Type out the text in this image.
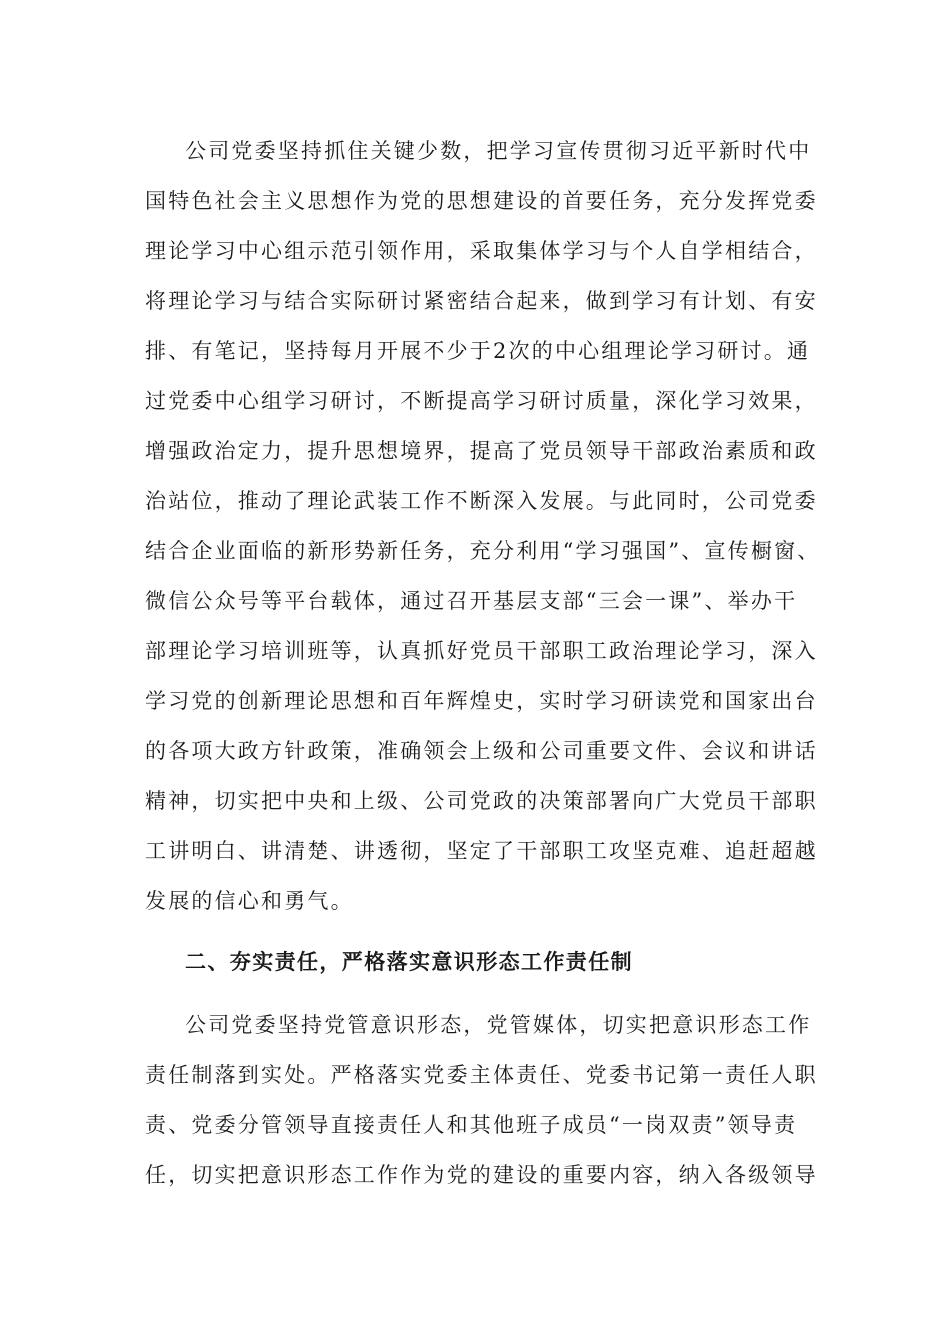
公司党委坚持抓住关键少数，把学习宣传贯彻习近平新时代中
国特色社会主义思想作为党的思想建设的首要任务，充分发挥党委
理论学习中心组示范引领作用，采取集体学习与个人自学相结合，
将理论学习与结合实际研讨紧密结合起来，做到学习有计划、有安
排、有笔记，坚持每月开展不少于2次的中心组理论学习研讨。通
过党委中心组学习研讨，不断提高学习研讨质量，深化学习效果，
增强政治定力，提升思想境界，提高了党员领导干部政治素质和政
治站位，推动了理论武装工作不断深入发展。与此同时，公司党委
结合企业面临的新形势新任务，充分利用“学习强国”、宣传橱窗、
微信公众号等平台载体，通过召开基层支部“三会一课”、举办干
部理论学习培训班等，认真抓好党员干部职工政治理论学习，深入
学习党的创新理论思想和百年辉煌史，实时学习研读党和国家出台
的各项大政方针政策，准确领会上级和公司重要文件、会议和讲话
精神，切实把中央和上级、公司党政的决策部署向广大党员干部职
工讲明白、讲清楚、讲透彻，坚定了干部职工攻坚克难、追赶超越
发展的信心和勇气。
二、夯实责任，严格落实意识形态工作责任制
公司党委坚持党管意识形态，党管媒体，切实把意识形态工作
责任制落到实处。严格落实党委主体责任、党委书记第一责任人职
责、党委分管领导直接责任人和其他班子成员“一岗双责”领导责
任，切实把意识形态工作作为党的建设的重要内容，纳入各级领导
